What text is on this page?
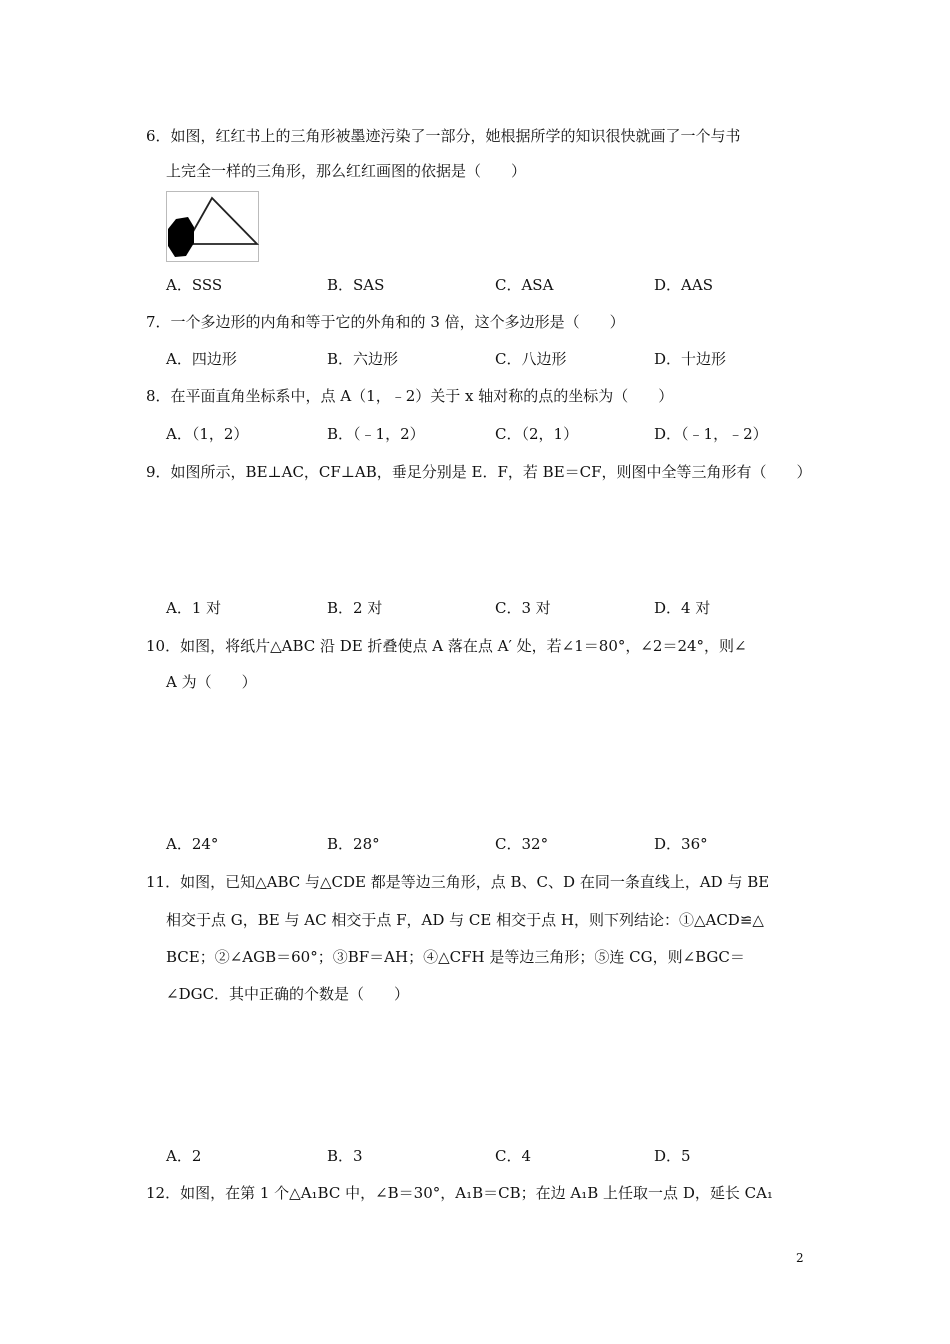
6．如图，红红书上的三角形被墨迹污染了一部分，她根据所学的知识很快就画了一个与书
上完全一样的三角形，那么红红画图的依据是（　　）
A．SSS	B．SAS	C．ASA	D．AAS
7．一个多边形的内角和等于它的外角和的 3 倍，这个多边形是（　　）
A．四边形	B．六边形	C．八边形	D．十边形
8．在平面直角坐标系中，点 A（1，﹣2）关于 x 轴对称的点的坐标为（　　）
A．（1，2）	B．（﹣1，2）	C．（2，1）	D．（﹣1，﹣2）
9．如图所示，BE⊥AC，CF⊥AB，垂足分别是 E．F，若 BE＝CF，则图中全等三角形有（　　）
A．1 对	B．2 对	C．3 对	D．4 对
10．如图，将纸片△ABC 沿 DE 折叠使点 A 落在点 A′ 处，若∠1＝80°，∠2＝24°，则∠
A 为（　　）
A．24°	B．28°	C．32°	D．36°
11．如图，已知△ABC 与△CDE 都是等边三角形，点 B、C、D 在同一条直线上，AD 与 BE
相交于点 G，BE 与 AC 相交于点 F，AD 与 CE 相交于点 H，则下列结论：①△ACD≌△
BCE；②∠AGB＝60°；③BF＝AH；④△CFH 是等边三角形；⑤连 CG，则∠BGC＝
∠DGC．其中正确的个数是（　　）
A．2	B．3	C．4	D．5
12．如图，在第 1 个△A₁BC 中，∠B＝30°，A₁B＝CB；在边 A₁B 上任取一点 D，延长 CA₁
2
